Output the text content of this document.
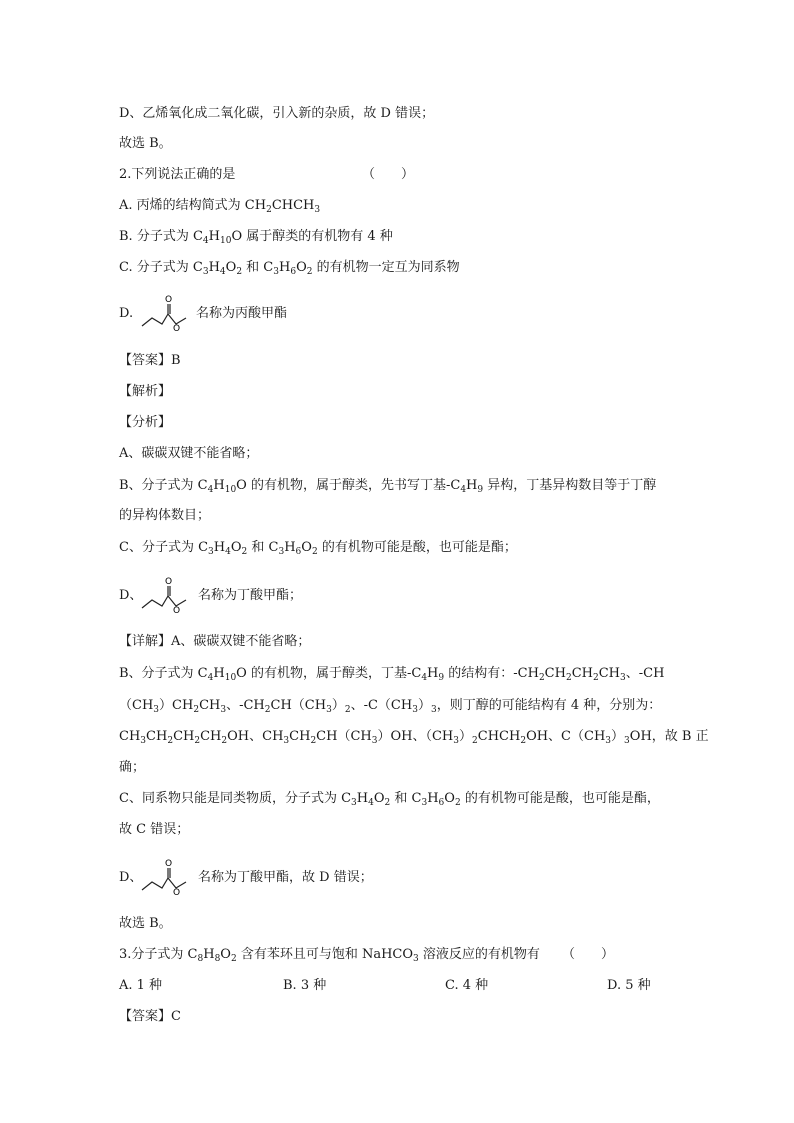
D、乙烯氧化成二氧化碳，引入新的杂质，故 D 错误；
故选 B。
2.下列说法正确的是	（　　）
A. 丙烯的结构简式为 $CH_2CHCH_3$
B. 分子式为 $C_4H_{10}O$ 属于醇类的有机物有 4 种
C. 分子式为 $C_3H_4O_2$ 和 $C_3H_6O_2$ 的有机物一定互为同系物
D.
O
O
名称为丙酸甲酯
【答案】B
【解析】
【分析】
A、碳碳双键不能省略；
B、分子式为 $C_4H_{10}O$ 的有机物，属于醇类，先书写丁基$-C_4H_9$ 异构，丁基异构数目等于丁醇
的异构体数目；
C、分子式为 $C_3H_4O_2$ 和 $C_3H_6O_2$ 的有机物可能是酸，也可能是酯；
D、
O
O
名称为丁酸甲酯；
【详解】A、碳碳双键不能省略；
B、分子式为 $C_4H_{10}O$ 的有机物，属于醇类，丁基$-C_4H_9$ 的结构有：$-CH_2CH_2CH_2CH_3$、-CH
$(CH_3)CH_2CH_3$、$-CH_2CH(CH_3)_2$、$-C(CH_3)_3$，则丁醇的可能结构有 4 种，分别为：
$CH_3CH_2CH_2CH_2OH$、$CH_3CH_2CH(CH_3)OH$、$(CH_3)_2CHCH_2OH$、$C(CH_3)_3OH$，故 B 正
确；
C、同系物只能是同类物质，分子式为 $C_3H_4O_2$ 和 $C_3H_6O_2$ 的有机物可能是酸，也可能是酯，
故 C 错误；
D、
O
O
名称为丁酸甲酯，故 D 错误；
故选 B。
3.分子式为 $C_8H_8O_2$ 含有苯环且可与饱和 NaHCO$_3$ 溶液反应的有机物有 （　　）
A. 1 种	B. 3 种	C. 4 种	D. 5 种
【答案】C
